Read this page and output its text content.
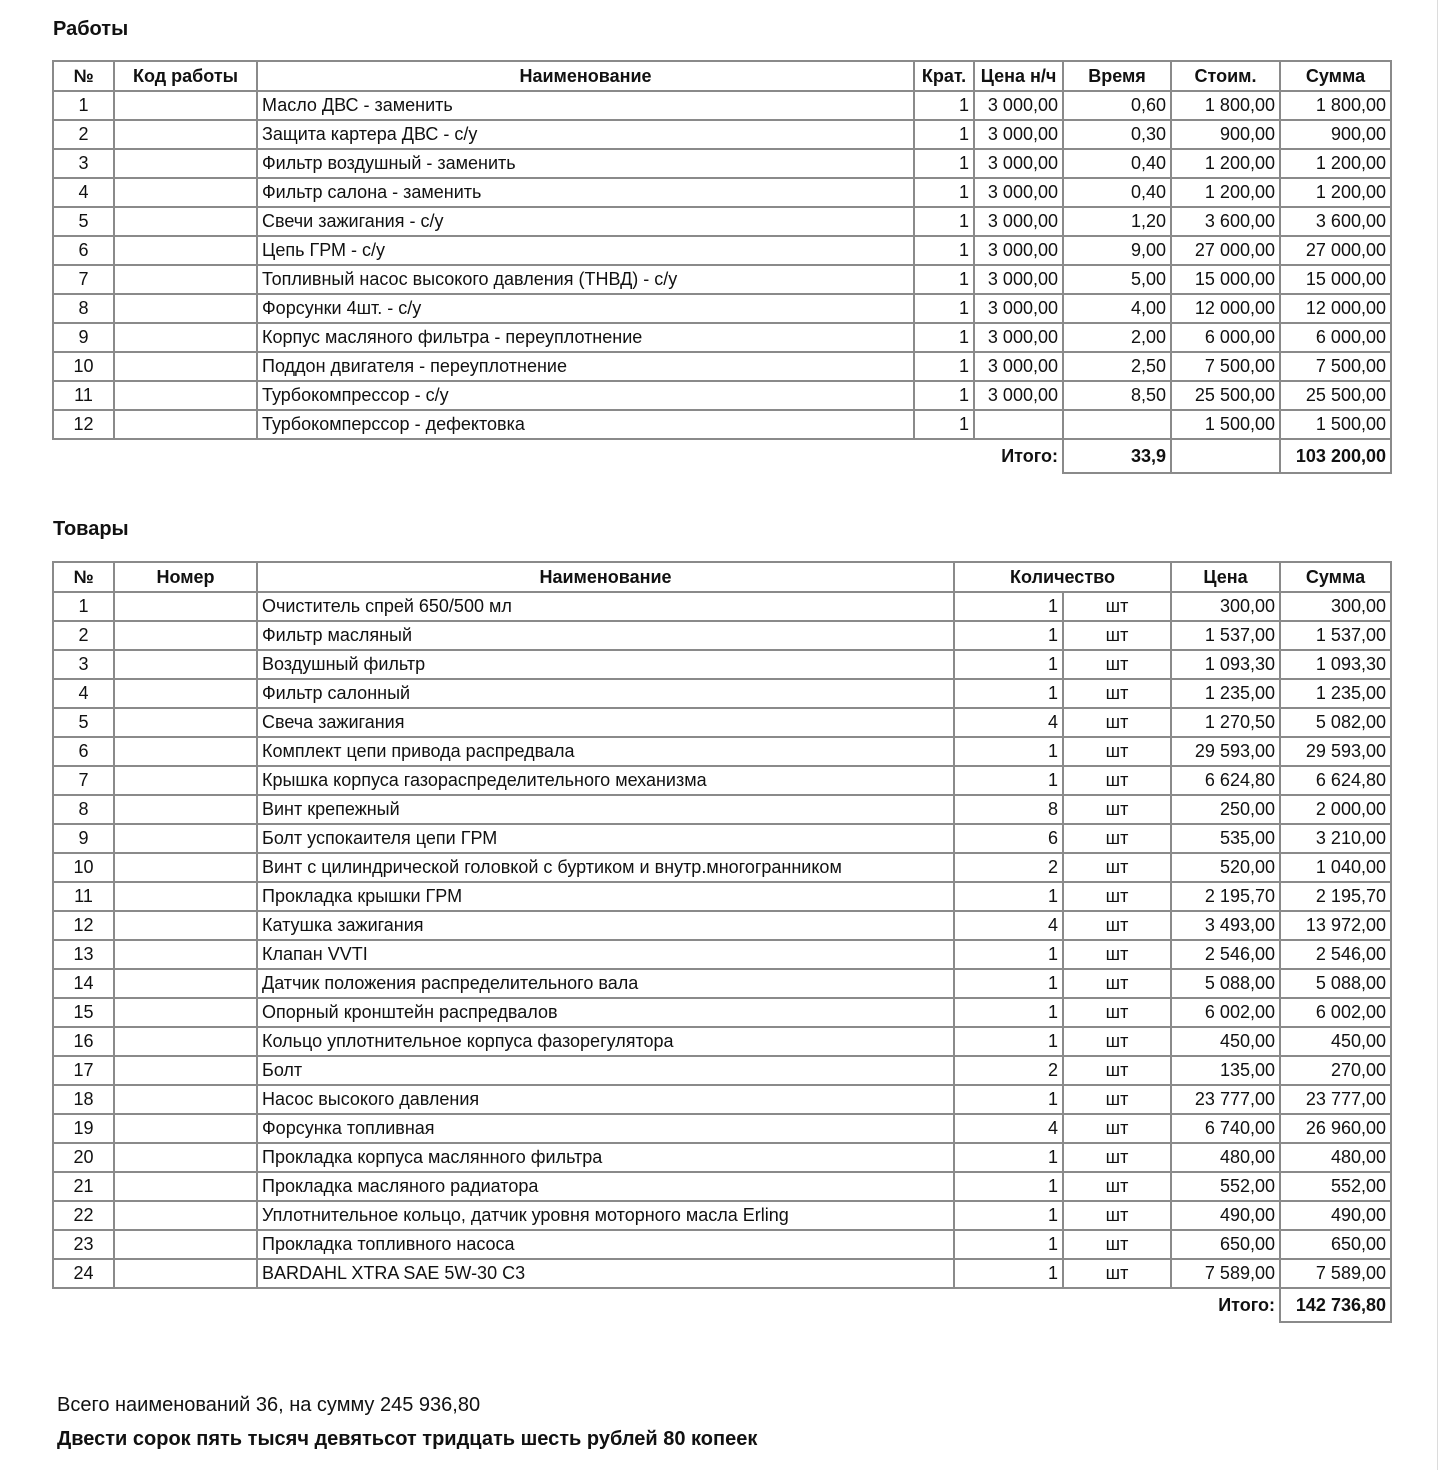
Работы
№	Код работы	Наименование	Крат.	Цена н/ч	Время	Стоим.	Сумма
1		Масло ДВС - заменить	1	3 000,00	0,60	1 800,00	1 800,00
2		Защита картера ДВС - с/у	1	3 000,00	0,30	900,00	900,00
3		Фильтр воздушный - заменить	1	3 000,00	0,40	1 200,00	1 200,00
4		Фильтр салона - заменить	1	3 000,00	0,40	1 200,00	1 200,00
5		Свечи зажигания - с/у	1	3 000,00	1,20	3 600,00	3 600,00
6		Цепь ГРМ - с/у	1	3 000,00	9,00	27 000,00	27 000,00
7		Топливный насос высокого давления (ТНВД) - с/у	1	3 000,00	5,00	15 000,00	15 000,00
8		Форсунки 4шт. - с/у	1	3 000,00	4,00	12 000,00	12 000,00
9		Корпус масляного фильтра - переуплотнение	1	3 000,00	2,00	6 000,00	6 000,00
10		Поддон двигателя - переуплотнение	1	3 000,00	2,50	7 500,00	7 500,00
11		Турбокомпрессор - с/у	1	3 000,00	8,50	25 500,00	25 500,00
12		Турбокомперссор - дефектовка	1			1 500,00	1 500,00
Итого:					33,9		103 200,00
Товары
№	Номер	Наименование	Количество		Цена	Сумма
1		Очиститель спрей 650/500 мл	1	шт	300,00	300,00
2		Фильтр масляный	1	шт	1 537,00	1 537,00
3		Воздушный фильтр	1	шт	1 093,30	1 093,30
4		Фильтр салонный	1	шт	1 235,00	1 235,00
5		Свеча зажигания	4	шт	1 270,50	5 082,00
6		Комплект цепи привода распредвала	1	шт	29 593,00	29 593,00
7		Крышка корпуса газораспределительного механизма	1	шт	6 624,80	6 624,80
8		Винт крепежный	8	шт	250,00	2 000,00
9		Болт успокаителя цепи ГРМ	6	шт	535,00	3 210,00
10		Винт с цилиндрической головкой с буртиком и внутр.многогранником	2	шт	520,00	1 040,00
11		Прокладка крышки ГРМ	1	шт	2 195,70	2 195,70
12		Катушка зажигания	4	шт	3 493,00	13 972,00
13		Клапан VVTI	1	шт	2 546,00	2 546,00
14		Датчик положения распределительного вала	1	шт	5 088,00	5 088,00
15		Опорный кронштейн распредвалов	1	шт	6 002,00	6 002,00
16		Кольцо уплотнительное корпуса фазорегулятора	1	шт	450,00	450,00
17		Болт	2	шт	135,00	270,00
18		Насос высокого давления	1	шт	23 777,00	23 777,00
19		Форсунка топливная	4	шт	6 740,00	26 960,00
20		Прокладка корпуса маслянного фильтра	1	шт	480,00	480,00
21		Прокладка масляного радиатора	1	шт	552,00	552,00
22		Уплотнительное кольцо, датчик уровня моторного масла Erling	1	шт	490,00	490,00
23		Прокладка топливного насоса	1	шт	650,00	650,00
24		BARDAHL XTRA SAE 5W-30 C3	1	шт	7 589,00	7 589,00
Итого:						142 736,80
Всего наименований 36, на сумму 245 936,80
Двести сорок пять тысяч девятьсот тридцать шесть рублей 80 копеек
